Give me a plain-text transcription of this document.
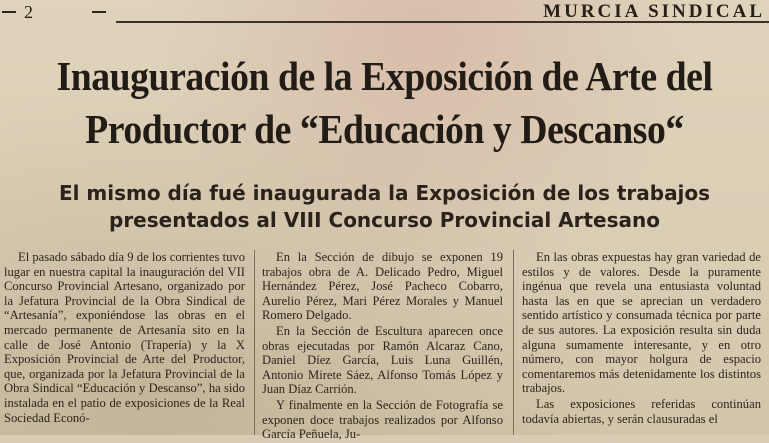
2	MURCIA SINDICAL
Inauguración de la Exposición de Arte del
Productor de “Educación y Descanso“
El mismo día fué inaugurada la Exposición de los trabajos
presentados al VIII Concurso Provincial Artesano

El pasado sábado día 9 de los corrientes tuvo lugar en nuestra capital la inauguración del VII Concurso Provincial Artesano, organizado por la Jefatura Provincial de la Obra Sindical de “Artesanía”, exponiéndose las obras en el mercado permanente de Artesanía sito en la calle de José Antonio (Trapería) y la X Exposición Provincial de Arte del Productor, que, organizada por la Jefatura Provincial de la Obra Sindical “Educación y Descanso”, ha sido instalada en el patio de exposiciones de la Real Sociedad Econó-

En la Sección de dibujo se exponen 19 trabajos obra de A. Delicado Pedro, Miguel Hernández Pérez, José Pacheco Cobarro, Aurelio Pérez, Mari Pérez Morales y Manuel Romero Delgado.

En la Sección de Escultura aparecen once obras ejecutadas por Ramón Alcaraz Cano, Daniel Díez García, Luis Luna Guillén, Antonio Mirete Sáez, Alfonso Tomás López y Juan Díaz Carrión.

Y finalmente en la Sección de Fotografía se exponen doce trabajos realizados por Alfonso García Peñuela, Ju-

En las obras expuestas hay gran variedad de estilos y de valores. Desde la puramente ingénua que revela una entusiasta voluntad hasta las en que se aprecian un verdadero sentido artístico y consumada técnica por parte de sus autores. La exposición resulta sin duda alguna sumamente interesante, y en otro número, con mayor holgura de espacio comentaremos más detenidamente los distintos trabajos.

Las exposiciones referidas continúan todavía abiertas, y serán clausuradas el
